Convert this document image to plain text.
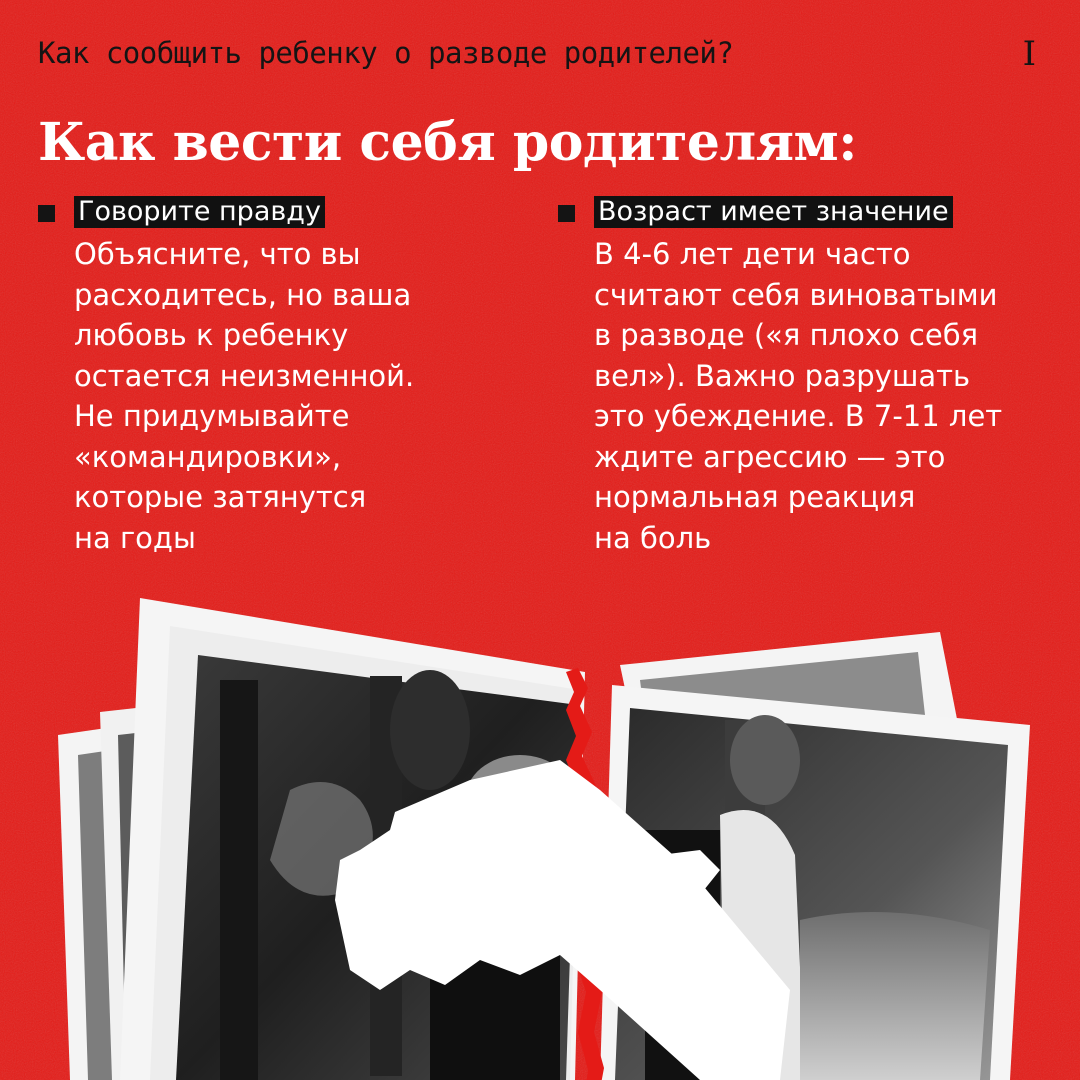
Как сообщить ребенку о разводе родителей?	I
Как вести себя родителям:
Говорите правду
Объясните, что вы
расходитесь, но ваша
любовь к ребенку
остается неизменной.
Не придумывайте
«командировки»,
которые затянутся
на годы
Возраст имеет значение
В 4-6 лет дети часто
считают себя виноватыми
в разводе («я плохо себя
вел»). Важно разрушать
это убеждение. В 7-11 лет
ждите агрессию — это
нормальная реакция
на боль
